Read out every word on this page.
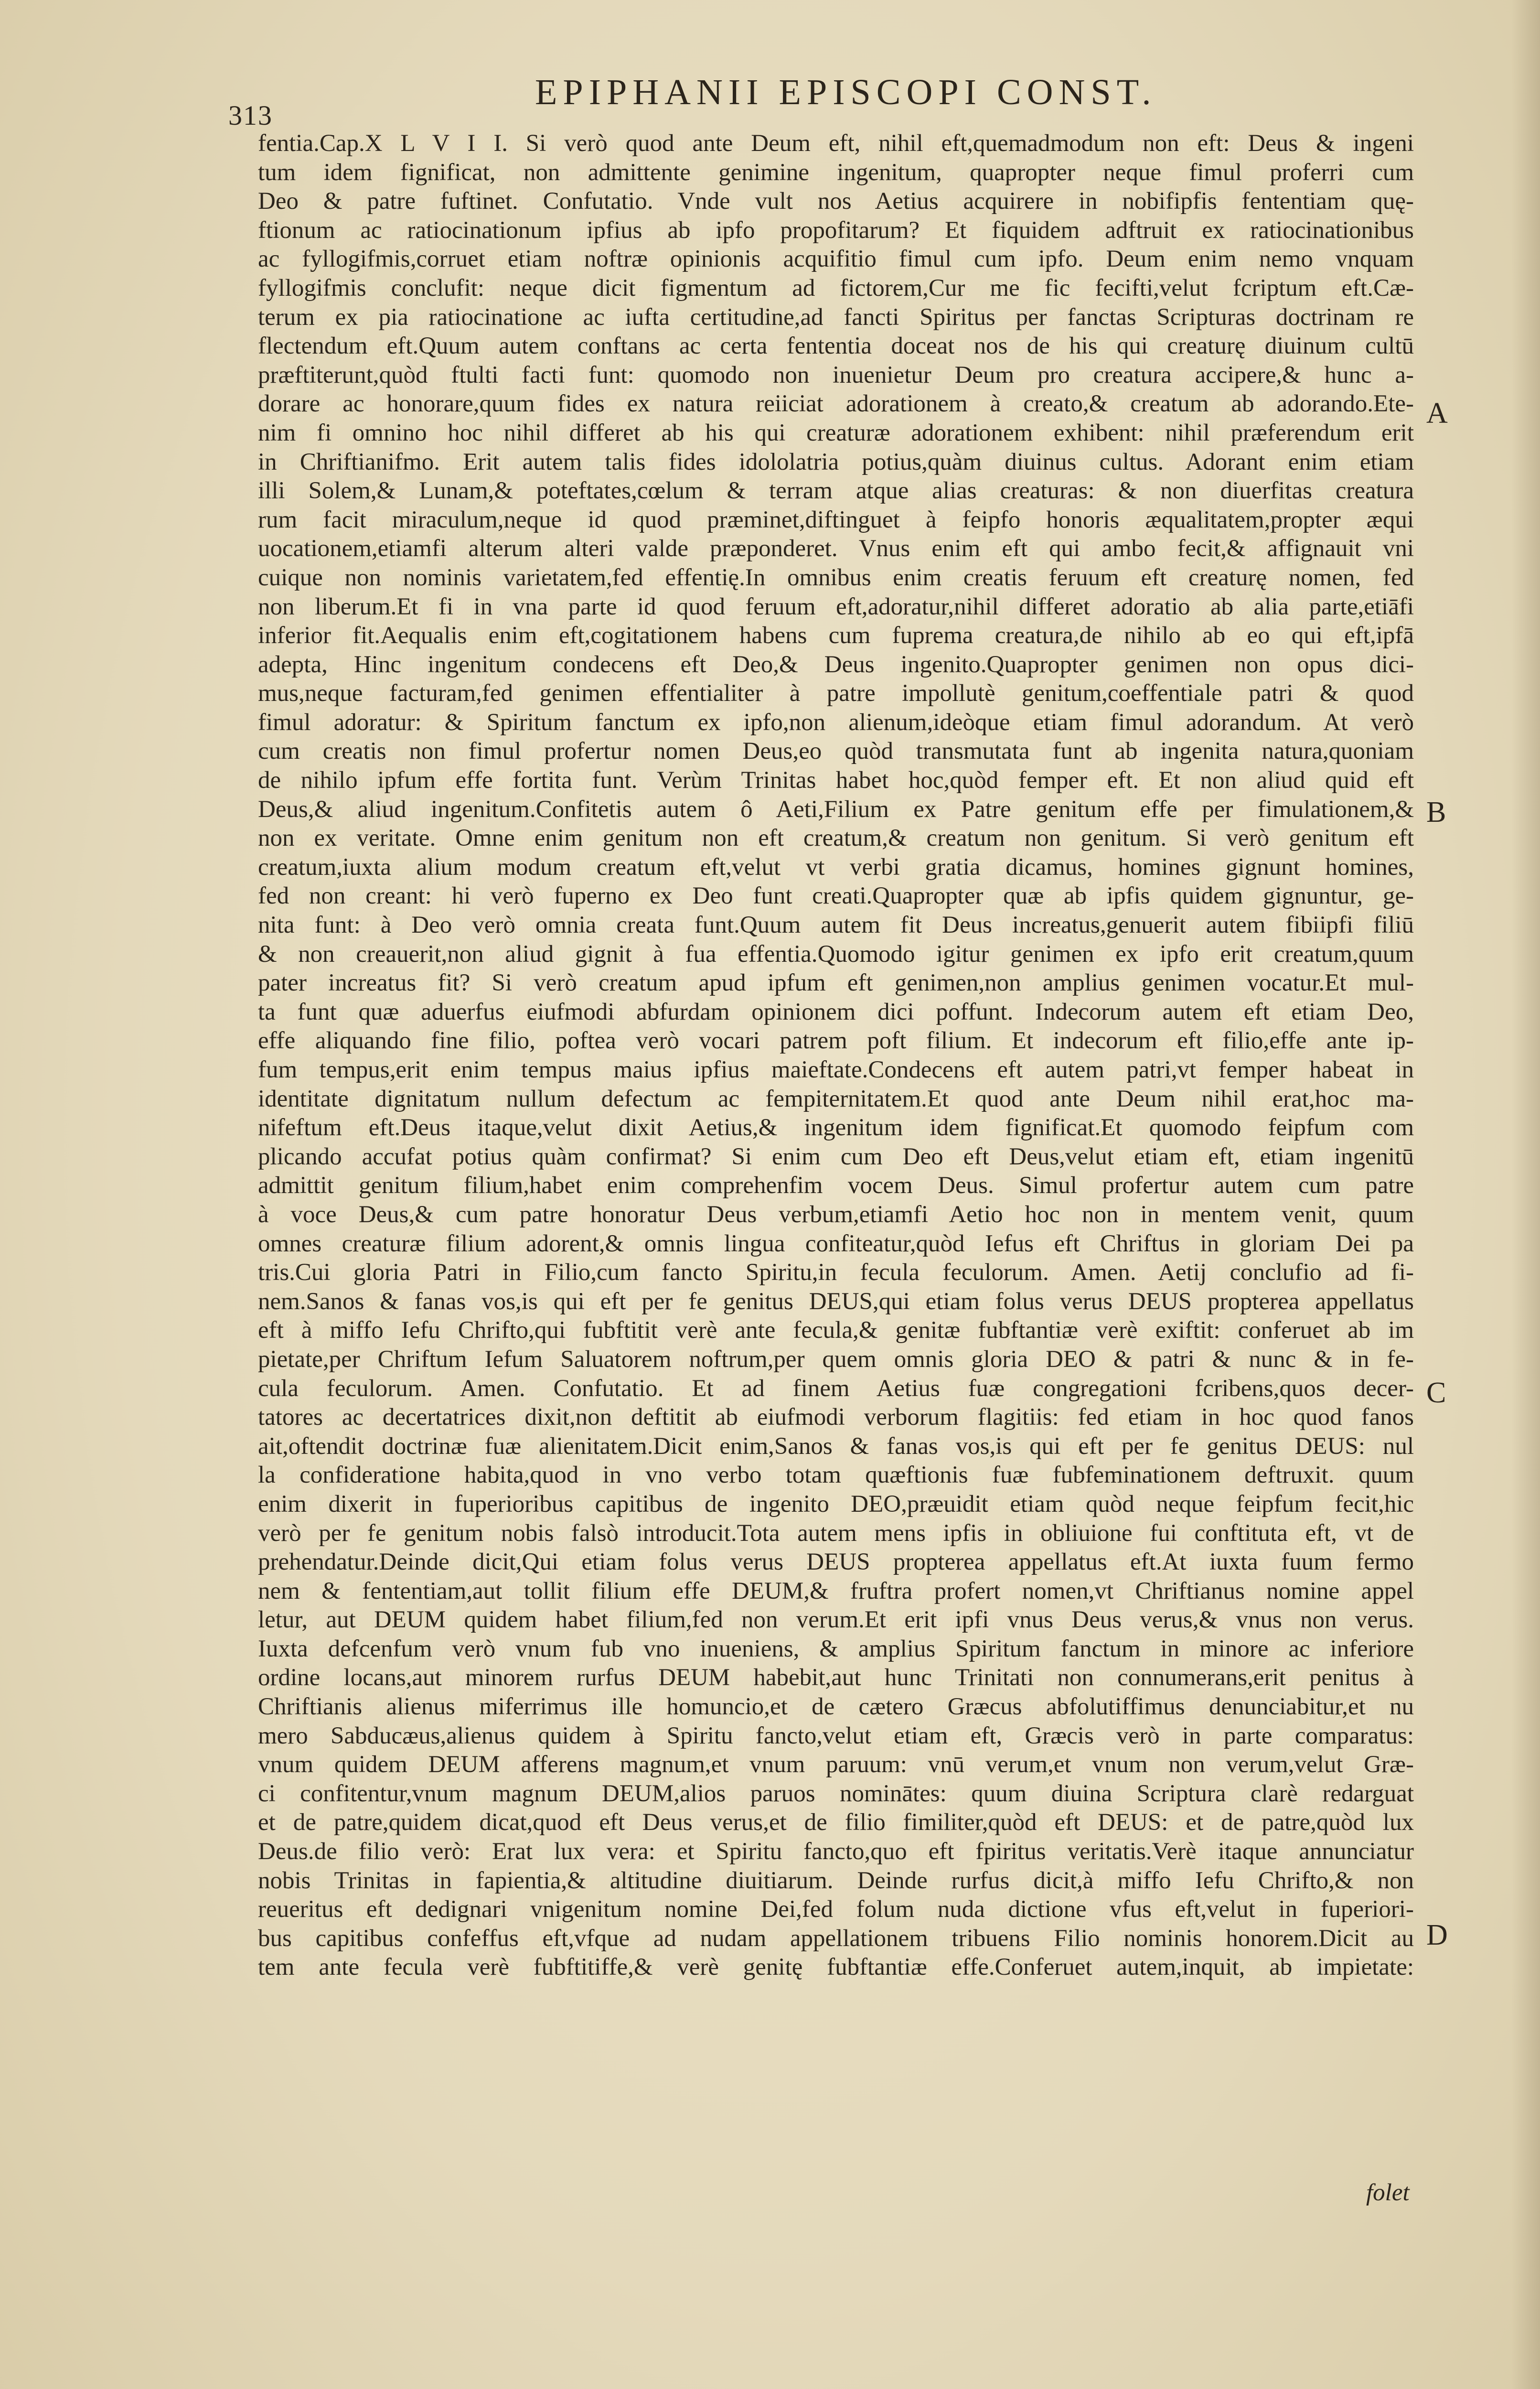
313
EPIPHANII EPISCOPI CONST.
fentia.Cap.X L V I I. Si verò quod ante Deum eft, nihil eft,quemadmodum non eft: Deus & ingeni
tum idem fignificat, non admittente genimine ingenitum, quapropter neque fimul proferri cum
Deo & patre fuftinet. Confutatio. Vnde vult nos Aetius acquirere in nobifipfis fententiam quę-
ftionum ac ratiocinationum ipfius ab ipfo propofitarum? Et fiquidem adftruit ex ratiocinationibus
ac fyllogifmis,corruet etiam noftræ opinionis acquifitio fimul cum ipfo. Deum enim nemo vnquam
fyllogifmis conclufit: neque dicit figmentum ad fictorem,Cur me fic fecifti,velut fcriptum eft.Cæ-
terum ex pia ratiocinatione ac iufta certitudine,ad fancti Spiritus per fanctas Scripturas doctrinam re
flectendum eft.Quum autem conftans ac certa fententia doceat nos de his qui creaturę diuinum cultū
præftiterunt,quòd ftulti facti funt: quomodo non inuenietur Deum pro creatura accipere,& hunc a-
dorare ac honorare,quum fides ex natura reiiciat adorationem à creato,& creatum ab adorando.Ete-
nim fi omnino hoc nihil differet ab his qui creaturæ adorationem exhibent: nihil præferendum erit
in Chriftianifmo. Erit autem talis fides idololatria potius,quàm diuinus cultus. Adorant enim etiam
illi Solem,& Lunam,& poteftates,cœlum & terram atque alias creaturas: & non diuerfitas creatura
rum facit miraculum,neque id quod præminet,diftinguet à feipfo honoris æqualitatem,propter æqui
uocationem,etiamfi alterum alteri valde præponderet. Vnus enim eft qui ambo fecit,& affignauit vni
cuique non nominis varietatem,fed effentię.In omnibus enim creatis feruum eft creaturę nomen, fed
non liberum.Et fi in vna parte id quod feruum eft,adoratur,nihil differet adoratio ab alia parte,etiāfi
inferior fit.Aequalis enim eft,cogitationem habens cum fuprema creatura,de nihilo ab eo qui eft,ipfā
adepta, Hinc ingenitum condecens eft Deo,& Deus ingenito.Quapropter genimen non opus dici-
mus,neque facturam,fed genimen effentialiter à patre impollutè genitum,coeffentiale patri & quod
fimul adoratur: & Spiritum fanctum ex ipfo,non alienum,ideòque etiam fimul adorandum. At verò
cum creatis non fimul profertur nomen Deus,eo quòd transmutata funt ab ingenita natura,quoniam
de nihilo ipfum effe fortita funt. Verùm Trinitas habet hoc,quòd femper eft. Et non aliud quid eft
Deus,& aliud ingenitum.Confitetis autem ô Aeti,Filium ex Patre genitum effe per fimulationem,&
non ex veritate. Omne enim genitum non eft creatum,& creatum non genitum. Si verò genitum eft
creatum,iuxta alium modum creatum eft,velut vt verbi gratia dicamus, homines gignunt homines,
fed non creant: hi verò fuperno ex Deo funt creati.Quapropter quæ ab ipfis quidem gignuntur, ge-
nita funt: à Deo verò omnia creata funt.Quum autem fit Deus increatus,genuerit autem fibiipfi filiū
& non creauerit,non aliud gignit à fua effentia.Quomodo igitur genimen ex ipfo erit creatum,quum
pater increatus fit? Si verò creatum apud ipfum eft genimen,non amplius genimen vocatur.Et mul-
ta funt quæ aduerfus eiufmodi abfurdam opinionem dici poffunt. Indecorum autem eft etiam Deo,
effe aliquando fine filio, poftea verò vocari patrem poft filium. Et indecorum eft filio,effe ante ip-
fum tempus,erit enim tempus maius ipfius maieftate.Condecens eft autem patri,vt femper habeat in
identitate dignitatum nullum defectum ac fempiternitatem.Et quod ante Deum nihil erat,hoc ma-
nifeftum eft.Deus itaque,velut dixit Aetius,& ingenitum idem fignificat.Et quomodo feipfum com
plicando accufat potius quàm confirmat? Si enim cum Deo eft Deus,velut etiam eft, etiam ingenitū
admittit genitum filium,habet enim comprehenfim vocem Deus. Simul profertur autem cum patre
à voce Deus,& cum patre honoratur Deus verbum,etiamfi Aetio hoc non in mentem venit, quum
omnes creaturæ filium adorent,& omnis lingua confiteatur,quòd Iefus eft Chriftus in gloriam Dei pa
tris.Cui gloria Patri in Filio,cum fancto Spiritu,in fecula feculorum. Amen. Aetij conclufio ad fi-
nem.Sanos & fanas vos,is qui eft per fe genitus DEUS,qui etiam folus verus DEUS propterea appellatus
eft à miffo Iefu Chrifto,qui fubftitit verè ante fecula,& genitæ fubftantiæ verè exiftit: conferuet ab im
pietate,per Chriftum Iefum Saluatorem noftrum,per quem omnis gloria DEO & patri & nunc & in fe-
cula feculorum. Amen. Confutatio. Et ad finem Aetius fuæ congregationi fcribens,quos decer-
tatores ac decertatrices dixit,non deftitit ab eiufmodi verborum flagitiis: fed etiam in hoc quod fanos
ait,oftendit doctrinæ fuæ alienitatem.Dicit enim,Sanos & fanas vos,is qui eft per fe genitus DEUS: nul
la confideratione habita,quod in vno verbo totam quæftionis fuæ fubfeminationem deftruxit. quum
enim dixerit in fuperioribus capitibus de ingenito DEO,præuidit etiam quòd neque feipfum fecit,hic
verò per fe genitum nobis falsò introducit.Tota autem mens ipfis in obliuione fui conftituta eft, vt de
prehendatur.Deinde dicit,Qui etiam folus verus DEUS propterea appellatus eft.At iuxta fuum fermo
nem & fententiam,aut tollit filium effe DEUM,& fruftra profert nomen,vt Chriftianus nomine appel
letur, aut DEUM quidem habet filium,fed non verum.Et erit ipfi vnus Deus verus,& vnus non verus.
Iuxta defcenfum verò vnum fub vno inueniens, & amplius Spiritum fanctum in minore ac inferiore
ordine locans,aut minorem rurfus DEUM habebit,aut hunc Trinitati non connumerans,erit penitus à
Chriftianis alienus miferrimus ille homuncio,et de cætero Græcus abfolutiffimus denunciabitur,et nu
mero Sabducæus,alienus quidem à Spiritu fancto,velut etiam eft, Græcis verò in parte comparatus:
vnum quidem DEUM afferens magnum,et vnum paruum: vnū verum,et vnum non verum,velut Græ-
ci confitentur,vnum magnum DEUM,alios paruos nominātes: quum diuina Scriptura clarè redarguat
et de patre,quidem dicat,quod eft Deus verus,et de filio fimiliter,quòd eft DEUS: et de patre,quòd lux
Deus.de filio verò: Erat lux vera: et Spiritu fancto,quo eft fpiritus veritatis.Verè itaque annunciatur
nobis Trinitas in fapientia,& altitudine diuitiarum. Deinde rurfus dicit,à miffo Iefu Chrifto,& non
reueritus eft dedignari vnigenitum nomine Dei,fed folum nuda dictione vfus eft,velut in fuperiori-
bus capitibus confeffus eft,vfque ad nudam appellationem tribuens Filio nominis honorem.Dicit au
tem ante fecula verè fubftitiffe,& verè genitę fubftantiæ effe.Conferuet autem,inquit, ab impietate:
A
B
C
D
folet
